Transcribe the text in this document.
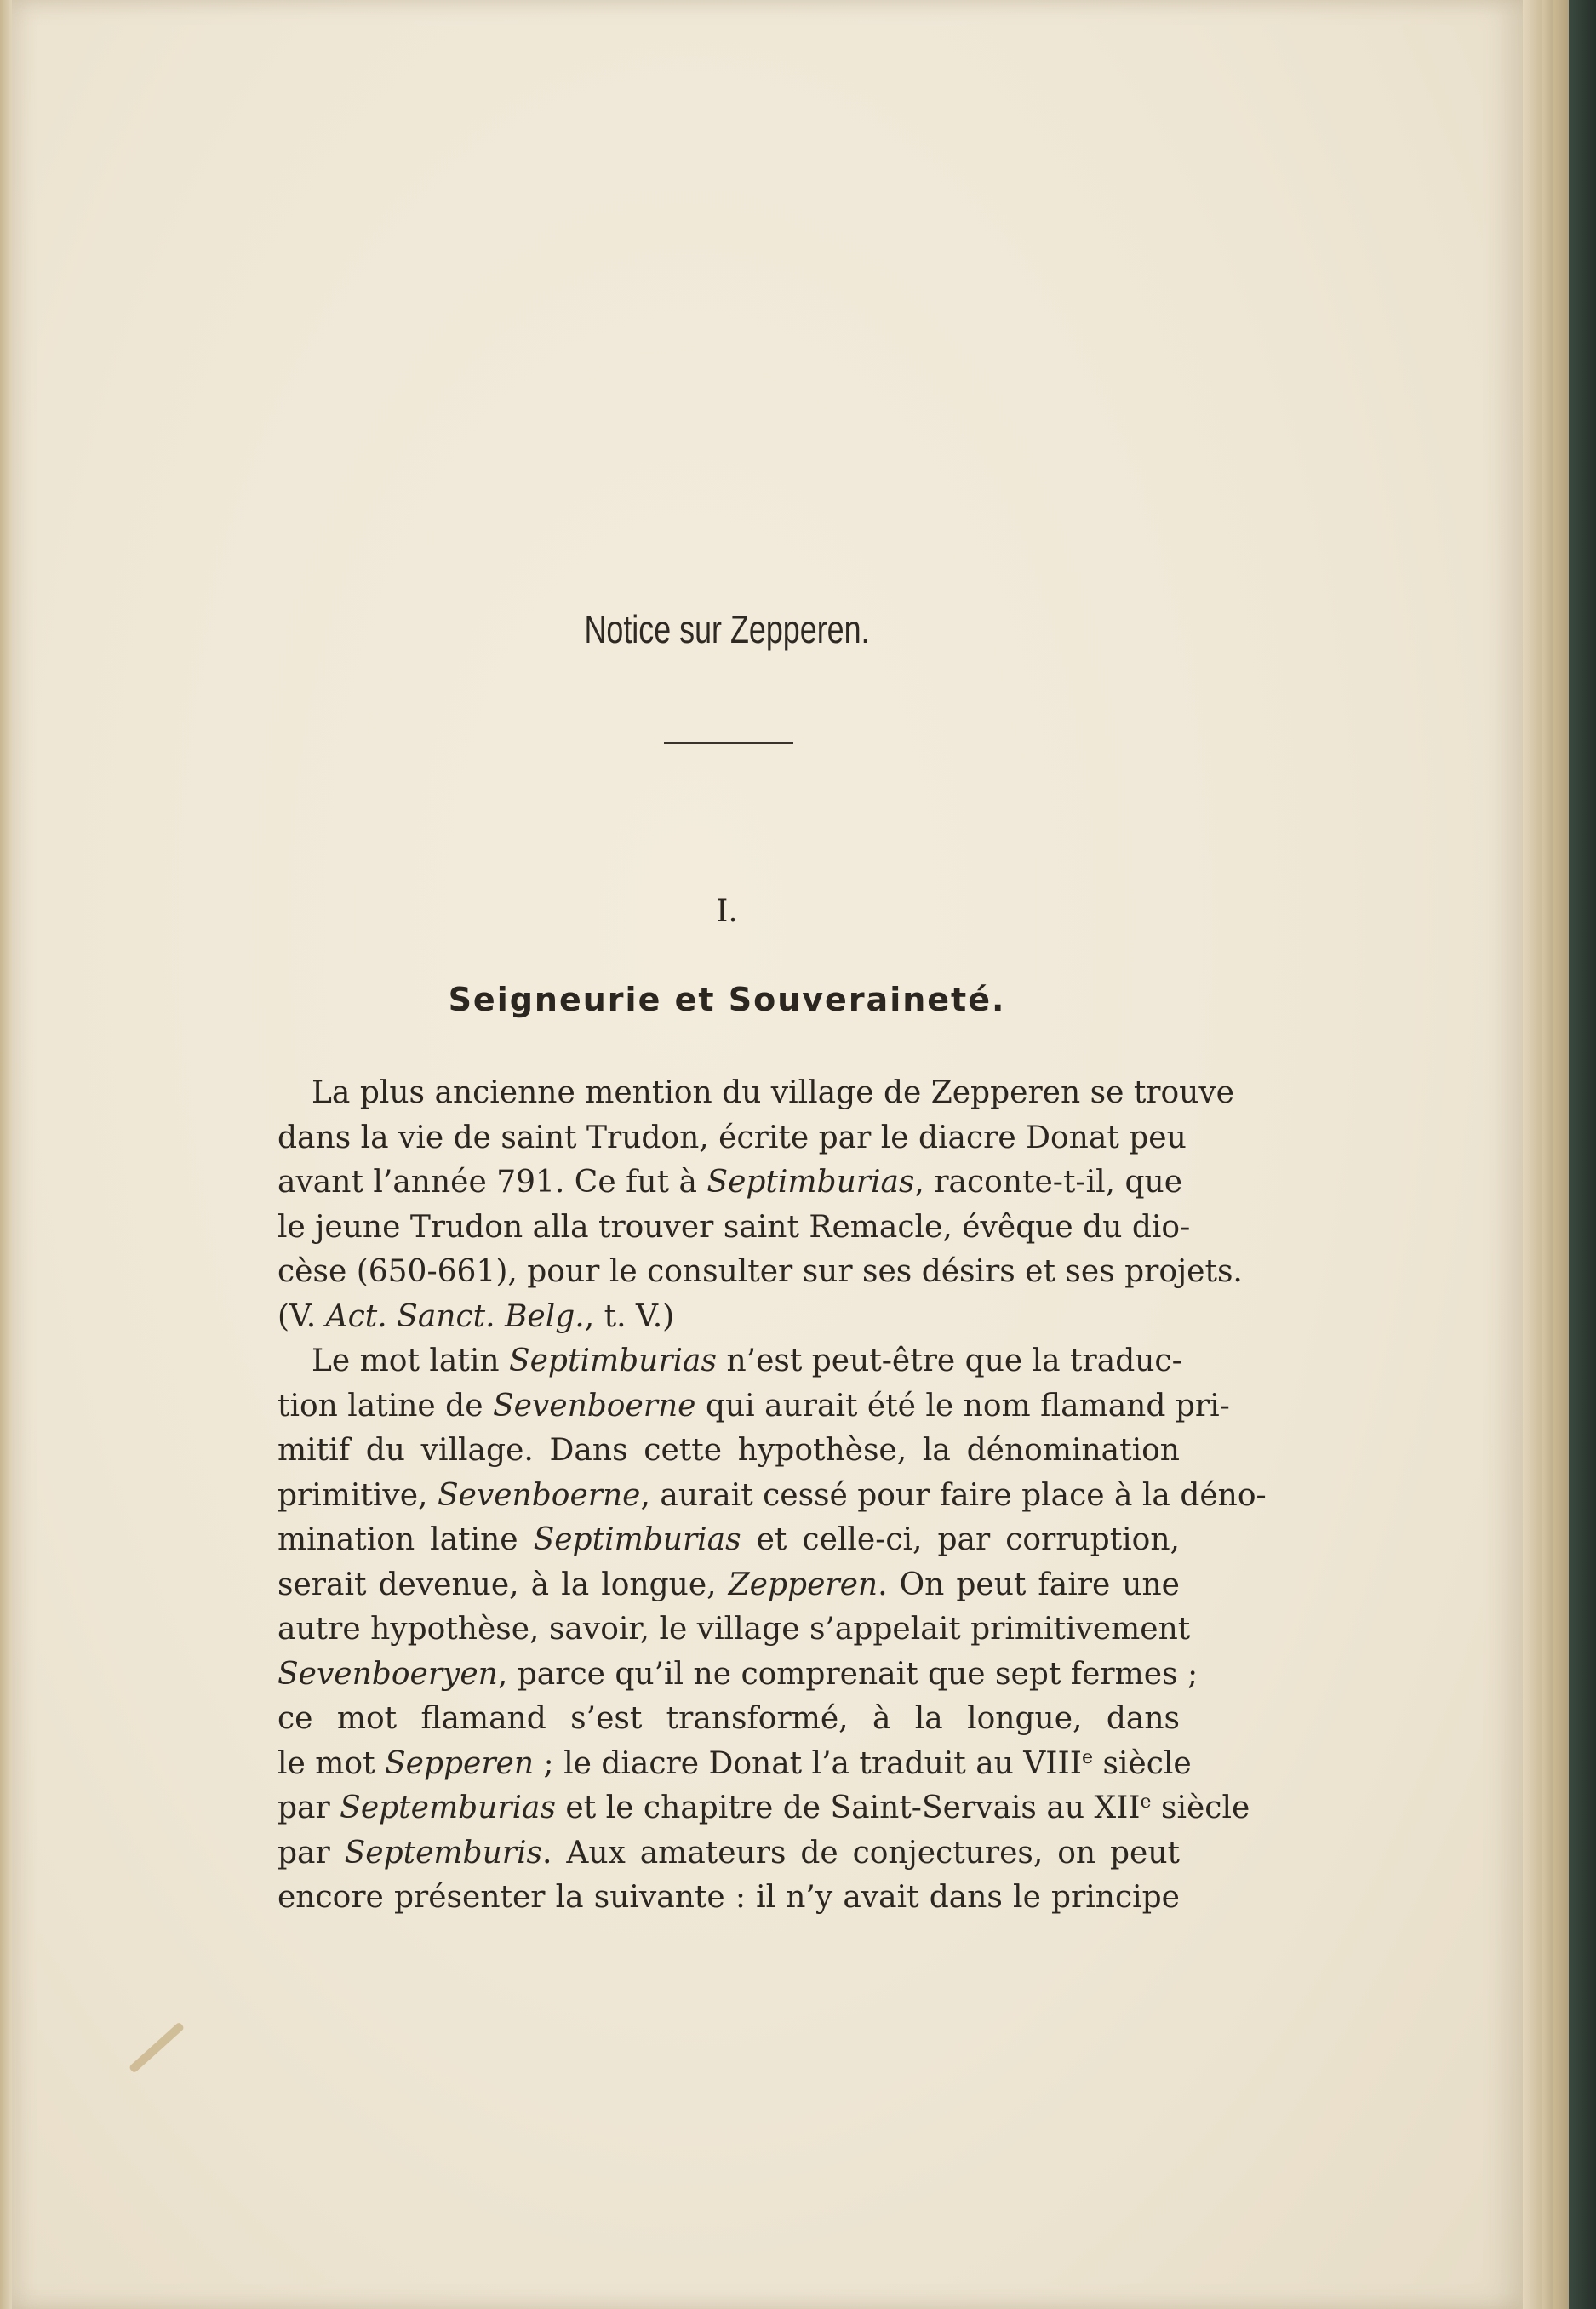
Notice sur Zepperen.
I.
Seigneurie et Souveraineté.
La plus ancienne mention du village de Zepperen se trouve
dans la vie de saint Trudon, écrite par le diacre Donat peu
avant l’année 791. Ce fut à Septimburias, raconte-t-il, que
le jeune Trudon alla trouver saint Remacle, évêque du dio-
cèse (650-661), pour le consulter sur ses désirs et ses projets.
(V. Act. Sanct. Belg., t. V.)
Le mot latin Septimburias n’est peut-être que la traduc-
tion latine de Sevenboerne qui aurait été le nom flamand pri-
mitif du village. Dans cette hypothèse, la dénomination
primitive, Sevenboerne, aurait cessé pour faire place à la déno-
mination latine Septimburias et celle-ci, par corruption,
serait devenue, à la longue, Zepperen. On peut faire une
autre hypothèse, savoir, le village s’appelait primitivement
Sevenboeryen, parce qu’il ne comprenait que sept fermes ;
ce mot flamand s’est transformé, à la longue, dans
le mot Sepperen ; le diacre Donat l’a traduit au VIIIe siècle
par Septemburias et le chapitre de Saint-Servais au XIIe siècle
par Septemburis. Aux amateurs de conjectures, on peut
encore présenter la suivante : il n’y avait dans le principe
